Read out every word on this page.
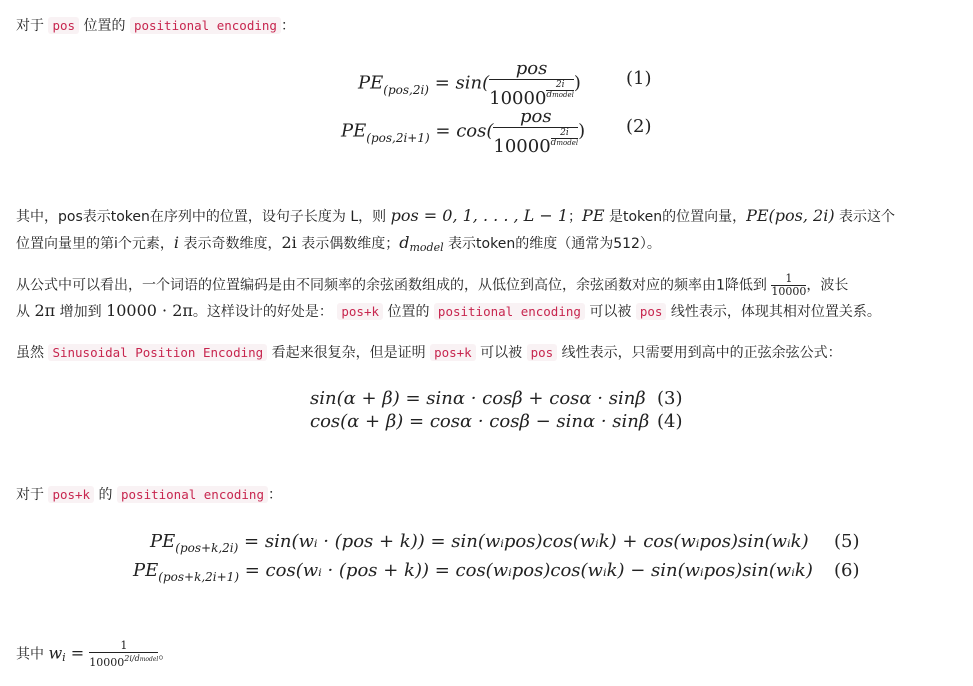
对于 pos 位置的 positional encoding ：
$PE_{(pos,2i)} = \sin$( pos
10000
2i
dmodel )	(1)
$PE_{(pos,2i+1)} = \cos$( pos
10000
2i
dmodel ) (2)
其中，pos表示token在序列中的位置，设句子长度为 L，则 pos = 0, 1, . . . , L − 1；PE 是token的位置向量，PE(pos, 2i) 表示这个
位置向量里的第i个元素，i 表示奇数维度，2i 表示偶数维度；$d_{model}$ 表示token的维度（通常为512）。
从公式中可以看出，一个词语的位置编码是由不同频率的余弦函数组成的，从低位到高位，余弦函数对应的频率由1降低到 $\frac{1}{10000}$，波长
从 2π 增加到 10000 · 2π。这样设计的好处是： pos+k 位置的 positional encoding 可以被 pos 线性表示，体现其相对位置关系。
虽然 Sinusoidal Position Encoding 看起来很复杂，但是证明 pos+k 可以被 pos 线性表示，只需要用到高中的正弦余弦公式：
sin(α + β) = sinα · cosβ + cosα · sinβ (3)
cos(α + β) = cosα · cosβ − sinα · sinβ (4)
对于 pos+k 的 positional encoding ：
$PE_{(pos+k,2i)}$ = sin(wᵢ · (pos + k)) = sin(wᵢpos)cos(wᵢk) + cos(wᵢpos)sin(wᵢk) (5)
$PE_{(pos+k,2i+1)}$ = cos(wᵢ · (pos + k)) = cos(wᵢpos)cos(wᵢk) − sin(wᵢpos)sin(wᵢk) (6)
其中 $w_i = \frac{1}{10000^{2i/dmodel}}$。
